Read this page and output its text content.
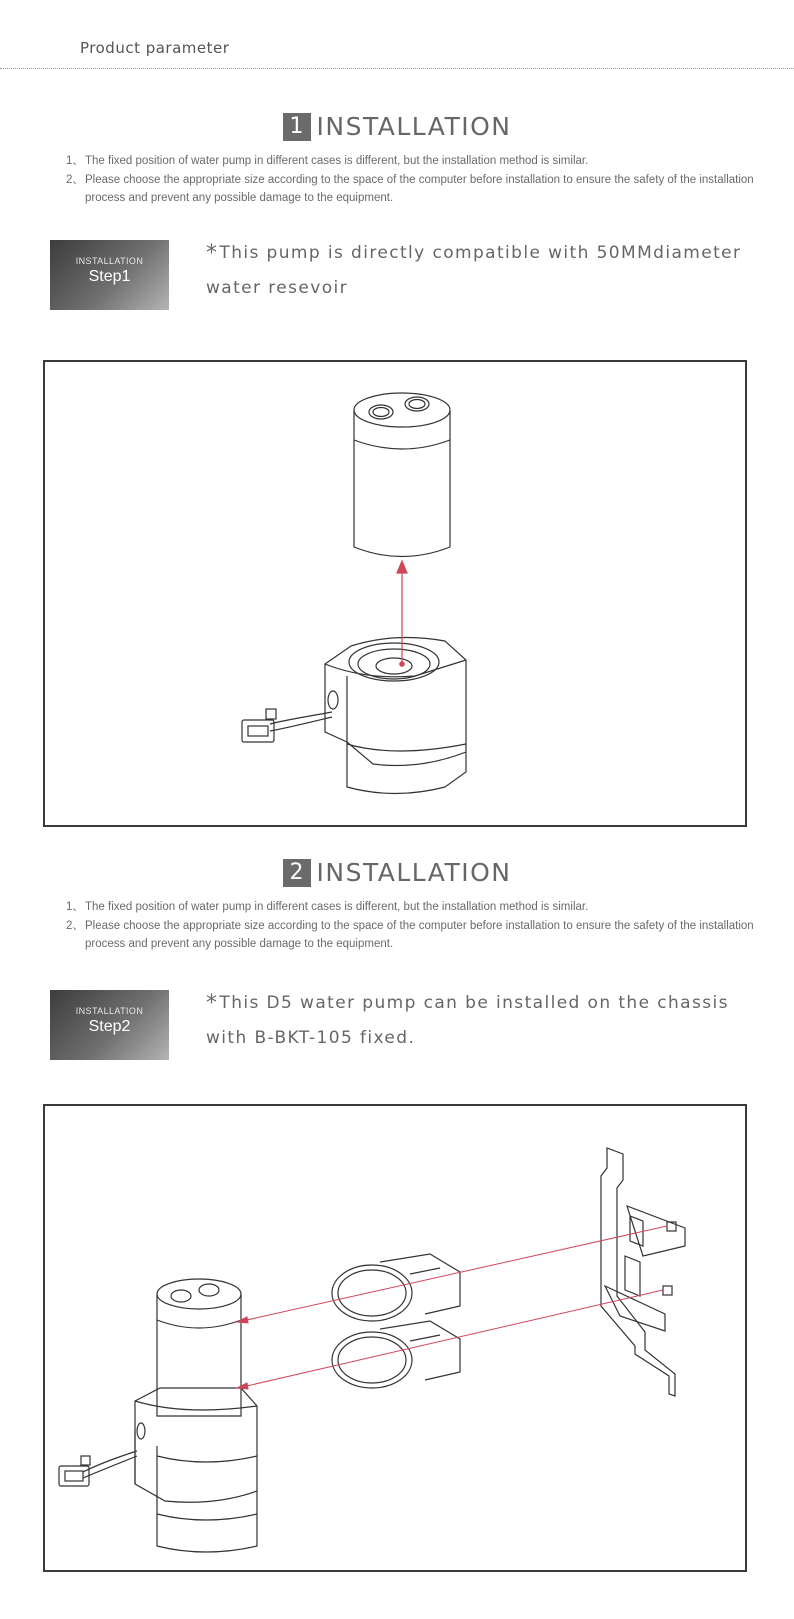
Product parameter
1 INSTALLATION
1、 The fixed position of water pump in different cases is different, but the installation method is similar.
2、 Please choose the appropriate size according to the space of the computer before installation to ensure the safety of the installation process and prevent any possible damage to the equipment.
INSTALLATION
Step1
*This pump is directly compatible with 50MMdiameter water resevoir
2 INSTALLATION
1、 The fixed position of water pump in different cases is different, but the installation method is similar.
2、 Please choose the appropriate size according to the space of the computer before installation to ensure the safety of the installation process and prevent any possible damage to the equipment.
INSTALLATION
Step2
*This D5 water pump can be installed on the chassis with B-BKT-105 fixed.
